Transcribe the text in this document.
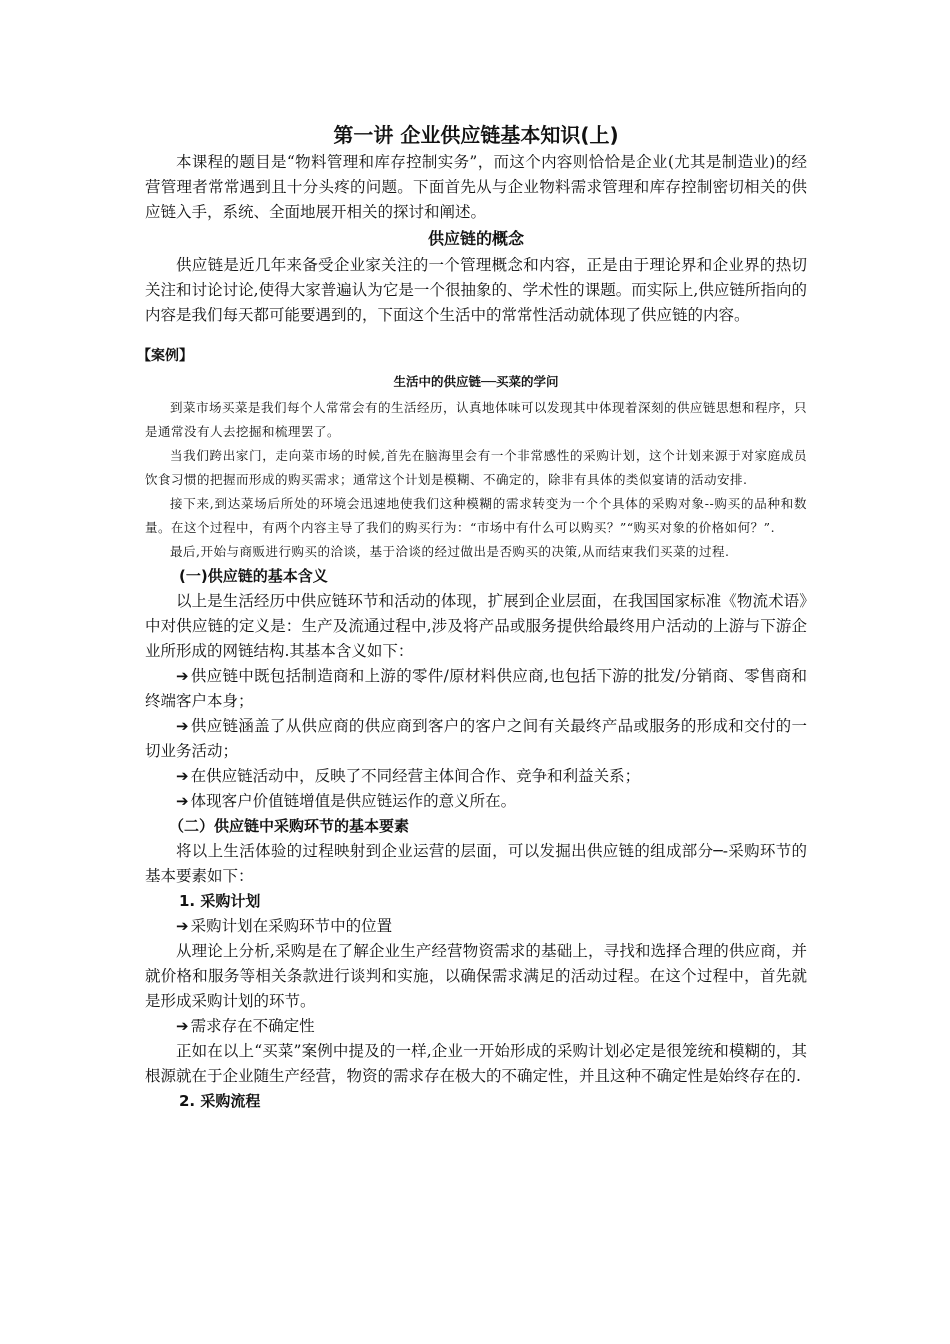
第一讲 企业供应链基本知识(上)

本课程的题目是“物料管理和库存控制实务”，而这个内容则恰恰是企业(尤其是制造业)的经营管理者常常遇到且十分头疼的问题。下面首先从与企业物料需求管理和库存控制密切相关的供应链入手，系统、全面地展开相关的探讨和阐述。

供应链的概念

供应链是近几年来备受企业家关注的一个管理概念和内容，正是由于理论界和企业界的热切关注和讨论讨论,使得大家普遍认为它是一个很抽象的、学术性的课题。而实际上,供应链所指向的内容是我们每天都可能要遇到的，下面这个生活中的常常性活动就体现了供应链的内容。

【案例】

生活中的供应链──买菜的学问

到菜市场买菜是我们每个人常常会有的生活经历，认真地体味可以发现其中体现着深刻的供应链思想和程序，只是通常没有人去挖掘和梳理罢了。

当我们跨出家门，走向菜市场的时候,首先在脑海里会有一个非常感性的采购计划，这个计划来源于对家庭成员饮食习惯的把握而形成的购买需求；通常这个计划是模糊、不确定的，除非有具体的类似宴请的活动安排.

接下来,到达菜场后所处的环境会迅速地使我们这种模糊的需求转变为一个个具体的采购对象--购买的品种和数量。在这个过程中，有两个内容主导了我们的购买行为：“市场中有什么可以购买？”“购买对象的价格如何？”.

最后,开始与商贩进行购买的洽谈，基于洽谈的经过做出是否购买的决策,从而结束我们买菜的过程.

(一)供应链的基本含义

以上是生活经历中供应链环节和活动的体现，扩展到企业层面，在我国国家标准《物流术语》中对供应链的定义是：生产及流通过程中,涉及将产品或服务提供给最终用户活动的上游与下游企业所形成的网链结构.其基本含义如下：

➔ 供应链中既包括制造商和上游的零件/原材料供应商,也包括下游的批发/分销商、零售商和终端客户本身；

➔ 供应链涵盖了从供应商的供应商到客户的客户之间有关最终产品或服务的形成和交付的一切业务活动；

➔ 在供应链活动中，反映了不同经营主体间合作、竞争和利益关系；

➔ 体现客户价值链增值是供应链运作的意义所在。

（二）供应链中采购环节的基本要素

将以上生活体验的过程映射到企业运营的层面，可以发掘出供应链的组成部分─-采购环节的基本要素如下：

1. 采购计划

➔ 采购计划在采购环节中的位置

从理论上分析,采购是在了解企业生产经营物资需求的基础上，寻找和选择合理的供应商，并就价格和服务等相关条款进行谈判和实施，以确保需求满足的活动过程。在这个过程中，首先就是形成采购计划的环节。

➔ 需求存在不确定性

正如在以上“买菜”案例中提及的一样,企业一开始形成的采购计划必定是很笼统和模糊的，其根源就在于企业随生产经营，物资的需求存在极大的不确定性，并且这种不确定性是始终存在的.

2. 采购流程
